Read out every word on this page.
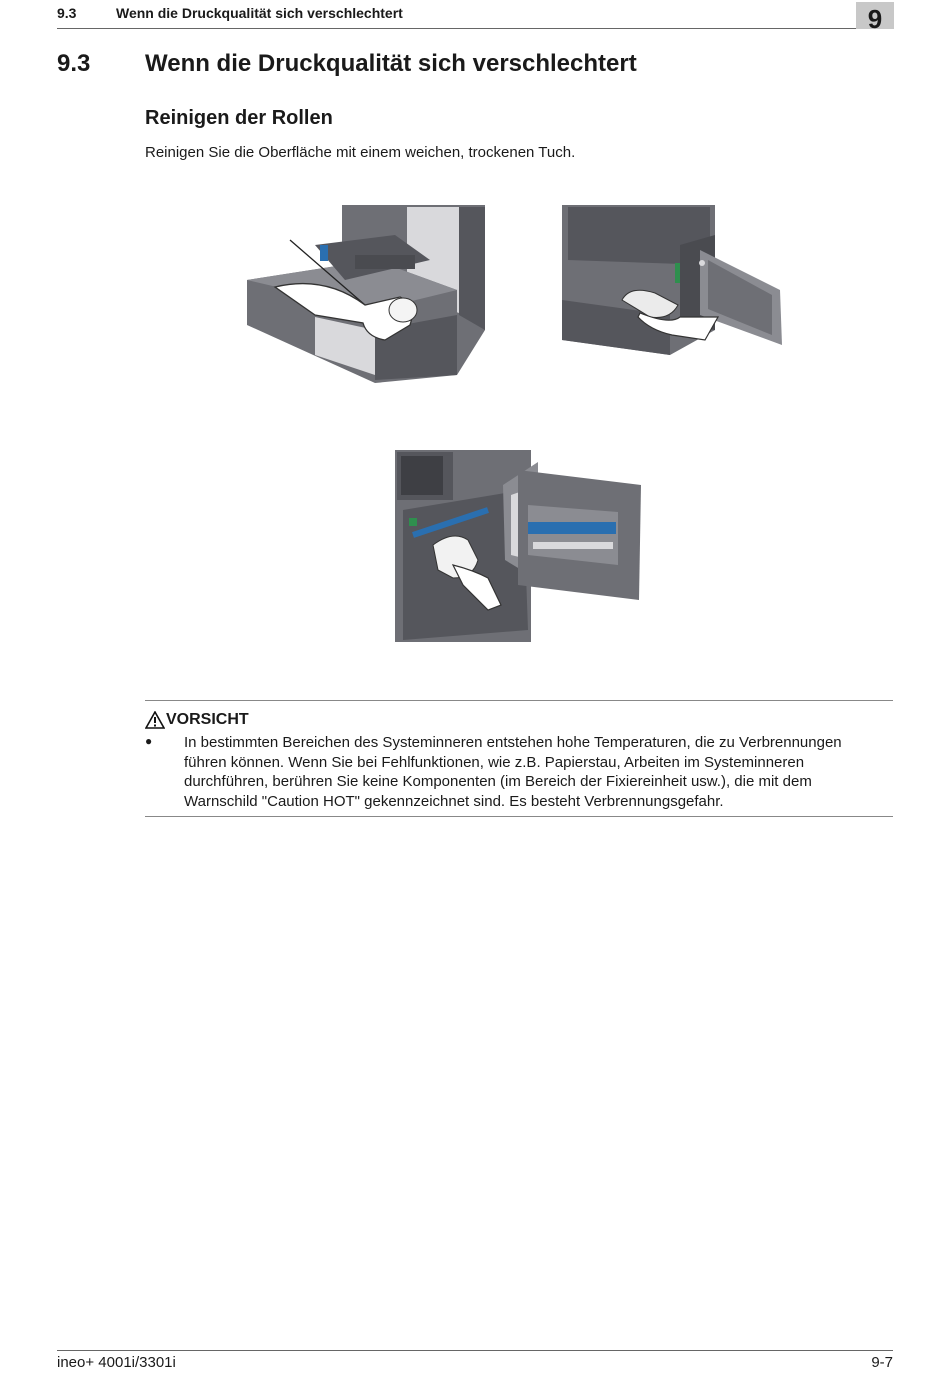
9.3	Wenn die Druckqualität sich verschlechtert	9
9.3 Wenn die Druckqualität sich verschlechtert
Reinigen der Rollen
Reinigen Sie die Oberfläche mit einem weichen, trockenen Tuch.
VORSICHT
● In bestimmten Bereichen des Systeminneren entstehen hohe Temperaturen, die zu Verbrennungen führen können. Wenn Sie bei Fehlfunktionen, wie z.B. Papierstau, Arbeiten im Systeminneren durchführen, berühren Sie keine Komponenten (im Bereich der Fixiereinheit usw.), die mit dem Warnschild "Caution HOT" gekennzeichnet sind. Es besteht Verbrennungsgefahr.
ineo+ 4001i/3301i	9-7
